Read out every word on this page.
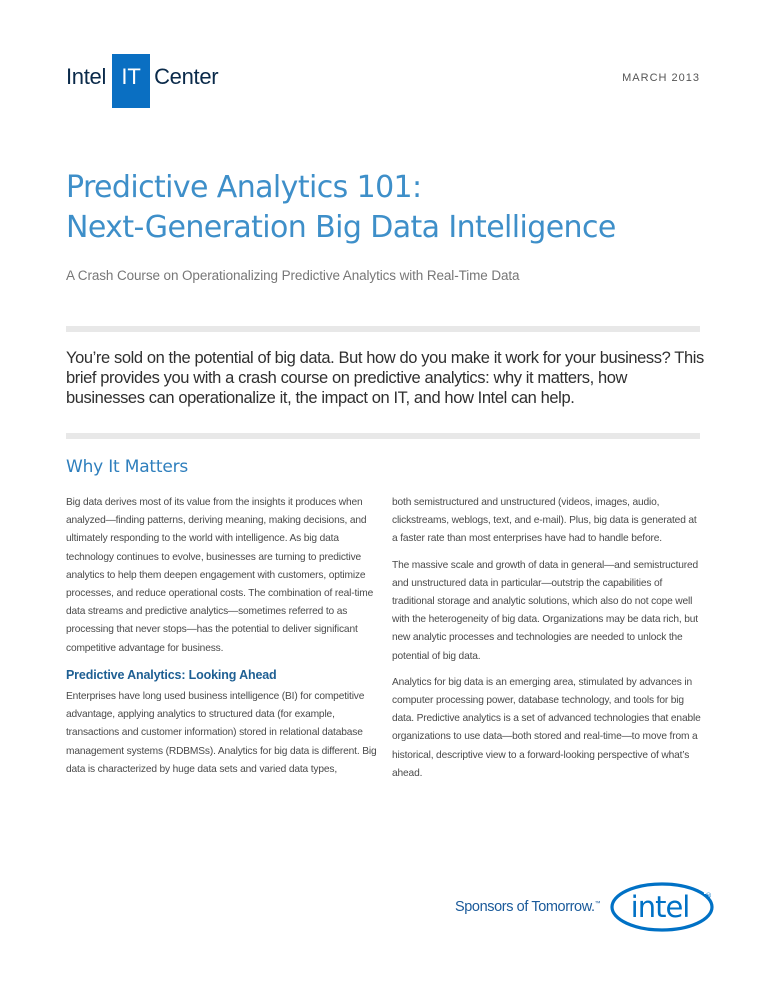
Intel IT Center	MARCH 2013
Predictive Analytics 101:
Next-Generation Big Data Intelligence
A Crash Course on Operationalizing Predictive Analytics with Real-Time Data

You’re sold on the potential of big data. But how do you make it work for your business? This brief provides you with a crash course on predictive analytics: why it matters, how businesses can operationalize it, the impact on IT, and how Intel can help.

Why It Matters

Big data derives most of its value from the insights it produces when analyzed—finding patterns, deriving meaning, making decisions, and ultimately responding to the world with intelligence. As big data technology continues to evolve, businesses are turning to predictive analytics to help them deepen engagement with customers, optimize processes, and reduce operational costs. The combination of real-time data streams and predictive analytics—sometimes referred to as processing that never stops—has the potential to deliver significant competitive advantage for business.

Predictive Analytics: Looking Ahead

Enterprises have long used business intelligence (BI) for competitive advantage, applying analytics to structured data (for example, transactions and customer information) stored in relational database management systems (RDBMSs). Analytics for big data is different. Big data is characterized by huge data sets and varied data types,

both semistructured and unstructured (videos, images, audio, clickstreams, weblogs, text, and e-mail). Plus, big data is generated at a faster rate than most enterprises have had to handle before.

The massive scale and growth of data in general—and semistructured and unstructured data in particular—outstrip the capabilities of traditional storage and analytic solutions, which also do not cope well with the heterogeneity of big data. Organizations may be data rich, but new analytic processes and technologies are needed to unlock the potential of big data.

Analytics for big data is an emerging area, stimulated by advances in computer processing power, database technology, and tools for big data. Predictive analytics is a set of advanced technologies that enable organizations to use data—both stored and real-time—to move from a historical, descriptive view to a forward-looking perspective of what’s ahead.

Sponsors of Tomorrow.™ intel ®
